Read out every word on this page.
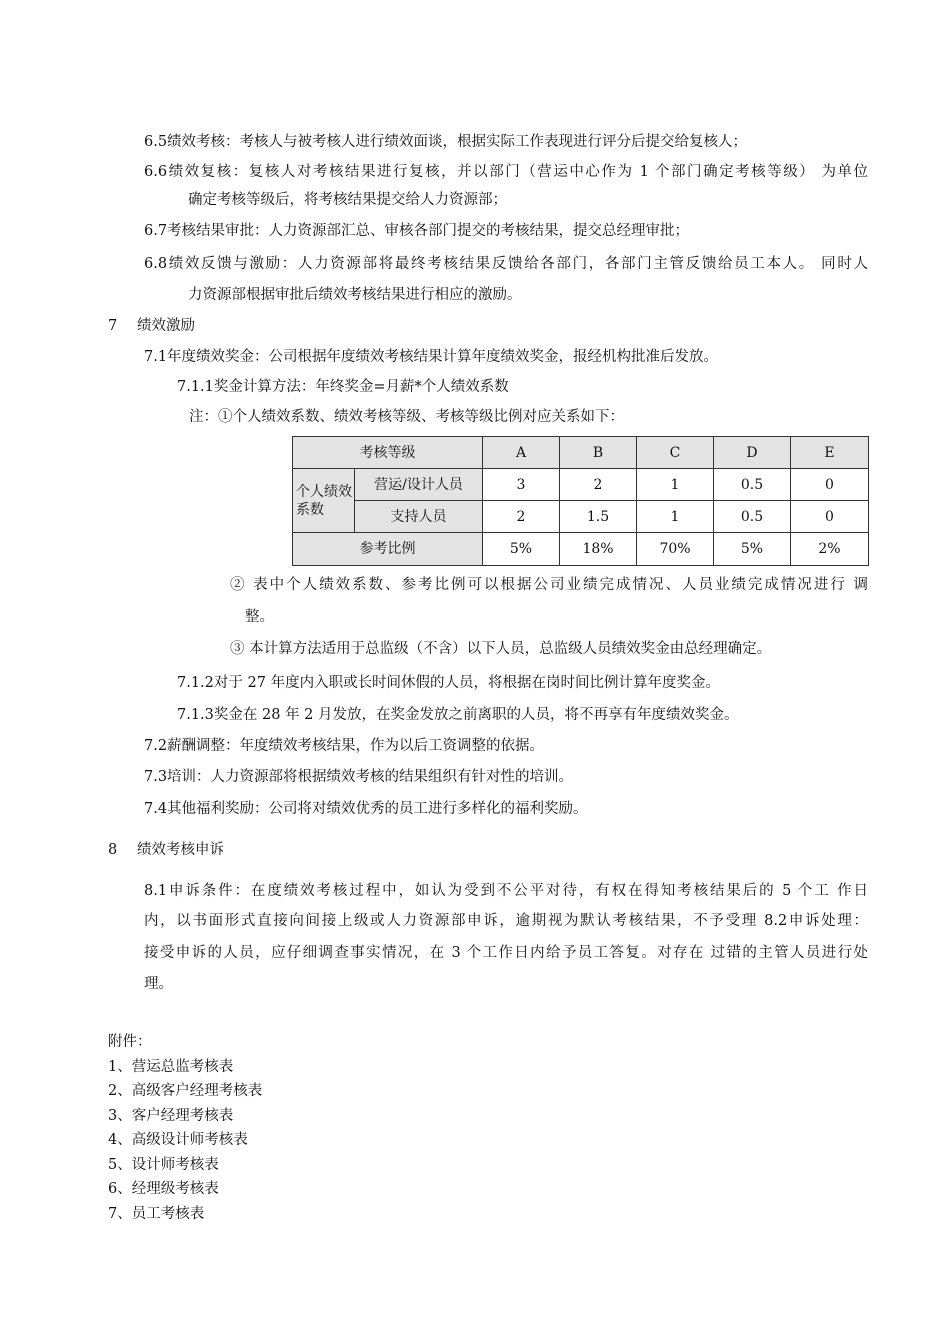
6.5绩效考核：考核人与被考核人进行绩效面谈，根据实际工作表现进行评分后提交给复核人；
6.6绩效复核：复核人对考核结果进行复核，并以部门（营运中心作为 1 个部门确定考核等级） 为单位
确定考核等级后，将考核结果提交给人力资源部；
6.7考核结果审批：人力资源部汇总、审核各部门提交的考核结果，提交总经理审批；
6.8绩效反馈与激励：人力资源部将最终考核结果反馈给各部门，各部门主管反馈给员工本人。 同时人
力资源部根据审批后绩效考核结果进行相应的激励。
7 绩效激励
7.1年度绩效奖金：公司根据年度绩效考核结果计算年度绩效奖金，报经机构批准后发放。
7.1.1奖金计算方法：年终奖金=月薪*个人绩效系数
注：①个人绩效系数、绩效考核等级、考核等级比例对应关系如下：
考核等级		A	B	C	D	E
个人绩效系数	营运/设计人员	3	2	1	0.5	0
	支持人员	2	1.5	1	0.5	0
参考比例		5%	18%	70%	5%	2%
② 表中个人绩效系数、参考比例可以根据公司业绩完成情况、人员业绩完成情况进行 调
整。
③ 本计算方法适用于总监级（不含）以下人员，总监级人员绩效奖金由总经理确定。
7.1.2对于 27 年度内入职或长时间休假的人员，将根据在岗时间比例计算年度奖金。
7.1.3奖金在 28 年 2 月发放，在奖金发放之前离职的人员，将不再享有年度绩效奖金。
7.2薪酬调整：年度绩效考核结果，作为以后工资调整的依据。
7.3培训：人力资源部将根据绩效考核的结果组织有针对性的培训。
7.4其他福利奖励：公司将对绩效优秀的员工进行多样化的福利奖励。
8 绩效考核申诉
8.1申诉条件：在度绩效考核过程中，如认为受到不公平对待，有权在得知考核结果后的 5 个工 作日
内，以书面形式直接向间接上级或人力资源部申诉，逾期视为默认考核结果，不予受理 8.2申诉处理：
接受申诉的人员，应仔细调查事实情况，在 3 个工作日内给予员工答复。对存在 过错的主管人员进行处
理。
附件：
1、营运总监考核表
2、高级客户经理考核表
3、客户经理考核表
4、高级设计师考核表
5、设计师考核表
6、经理级考核表
7、员工考核表
